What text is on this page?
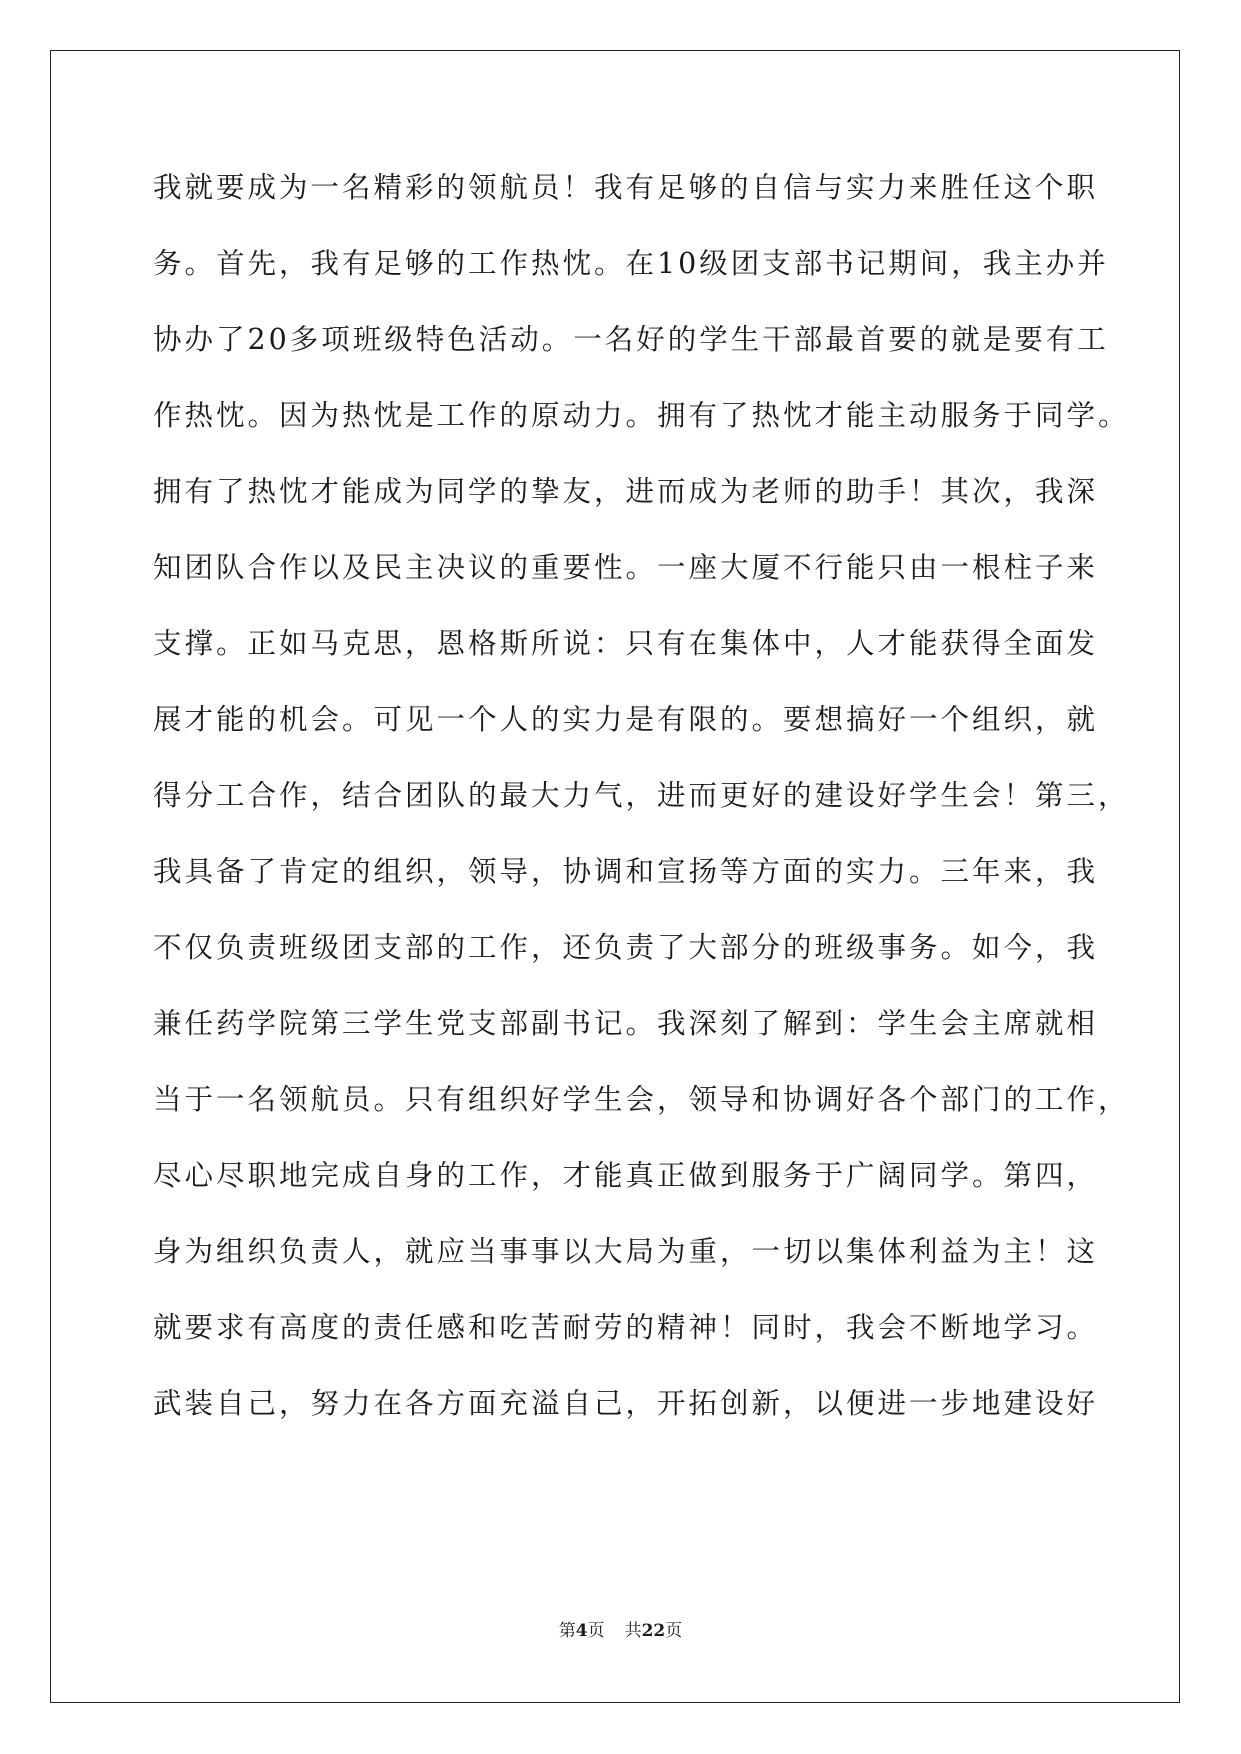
我就要成为一名精彩的领航员！我有足够的自信与实力来胜任这个职
务。首先，我有足够的工作热忱。在10级团支部书记期间，我主办并
协办了20多项班级特色活动。一名好的学生干部最首要的就是要有工
作热忱。因为热忱是工作的原动力。拥有了热忱才能主动服务于同学。
拥有了热忱才能成为同学的挚友，进而成为老师的助手！其次，我深
知团队合作以及民主决议的重要性。一座大厦不行能只由一根柱子来
支撑。正如马克思，恩格斯所说：只有在集体中，人才能获得全面发
展才能的机会。可见一个人的实力是有限的。要想搞好一个组织，就
得分工合作，结合团队的最大力气，进而更好的建设好学生会！第三，
我具备了肯定的组织，领导，协调和宣扬等方面的实力。三年来，我
不仅负责班级团支部的工作，还负责了大部分的班级事务。如今，我
兼任药学院第三学生党支部副书记。我深刻了解到：学生会主席就相
当于一名领航员。只有组织好学生会，领导和协调好各个部门的工作，
尽心尽职地完成自身的工作，才能真正做到服务于广阔同学。第四，
身为组织负责人，就应当事事以大局为重，一切以集体利益为主！这
就要求有高度的责任感和吃苦耐劳的精神！同时，我会不断地学习。
武装自己，努力在各方面充溢自己，开拓创新，以便进一步地建设好
第4页 共22页
